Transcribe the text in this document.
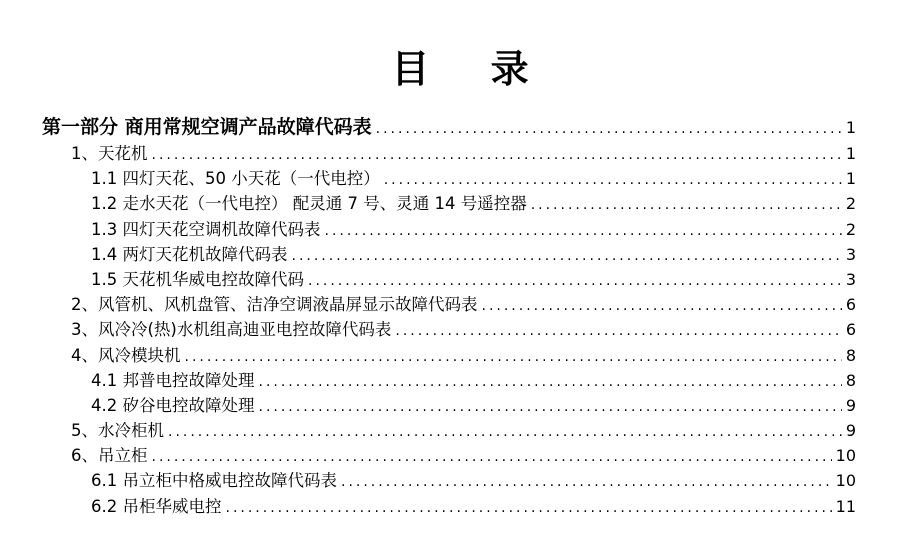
目 录
第一部分 商用常规空调产品故障代码表 .....	1
1、天花机 .....	1
1.1 四灯天花、50 小天花（一代电控） .....	1
1.2 走水天花（一代电控） 配灵通 7 号、灵通 14 号遥控器 .....	2
1.3 四灯天花空调机故障代码表 .....	2
1.4 两灯天花机故障代码表 .....	3
1.5 天花机华威电控故障代码 .....	3
2、风管机、风机盘管、洁净空调液晶屏显示故障代码表 .....	6
3、风冷冷(热)水机组高迪亚电控故障代码表 .....	6
4、风冷模块机 .....	8
4.1 邦普电控故障处理 .....	8
4.2 矽谷电控故障处理 .....	9
5、水冷柜机 .....	9
6、吊立柜 .....	10
6.1 吊立柜中格威电控故障代码表 .....	10
6.2 吊柜华威电控 .....	11
